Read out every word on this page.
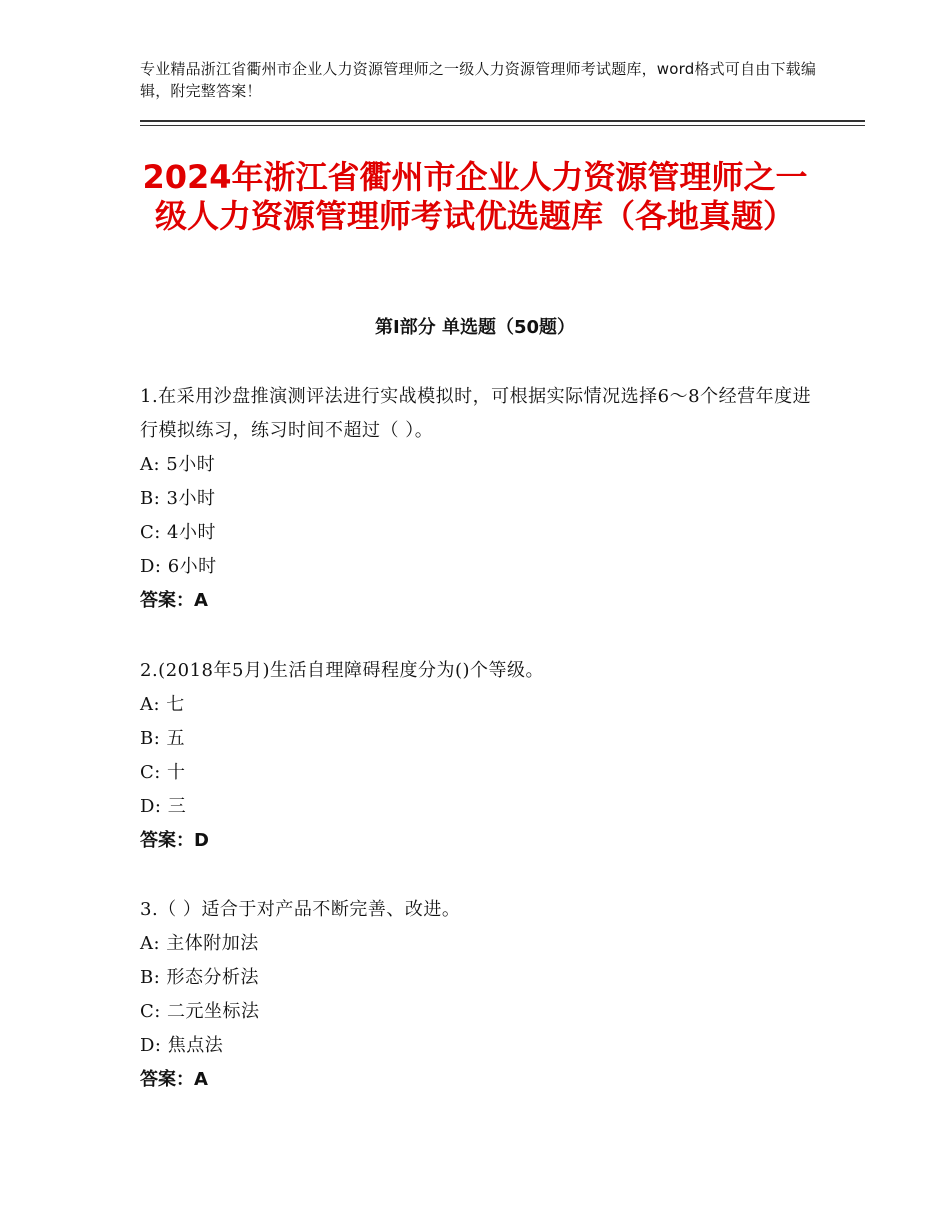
专业精品浙江省衢州市企业人力资源管理师之一级人力资源管理师考试题库，word格式可自由下载编辑，附完整答案！
2024年浙江省衢州市企业人力资源管理师之一级人力资源管理师考试优选题库（各地真题）
第Ⅰ部分 单选题（50题）
1.在采用沙盘推演测评法进行实战模拟时，可根据实际情况选择6～8个经营年度进行模拟练习，练习时间不超过（ ）。
A: 5小时
B: 3小时
C: 4小时
D: 6小时
答案：A
2.(2018年5月)生活自理障碍程度分为()个等级。
A: 七
B: 五
C: 十
D: 三
答案：D
3.（ ）适合于对产品不断完善、改进。
A: 主体附加法
B: 形态分析法
C: 二元坐标法
D: 焦点法
答案：A
